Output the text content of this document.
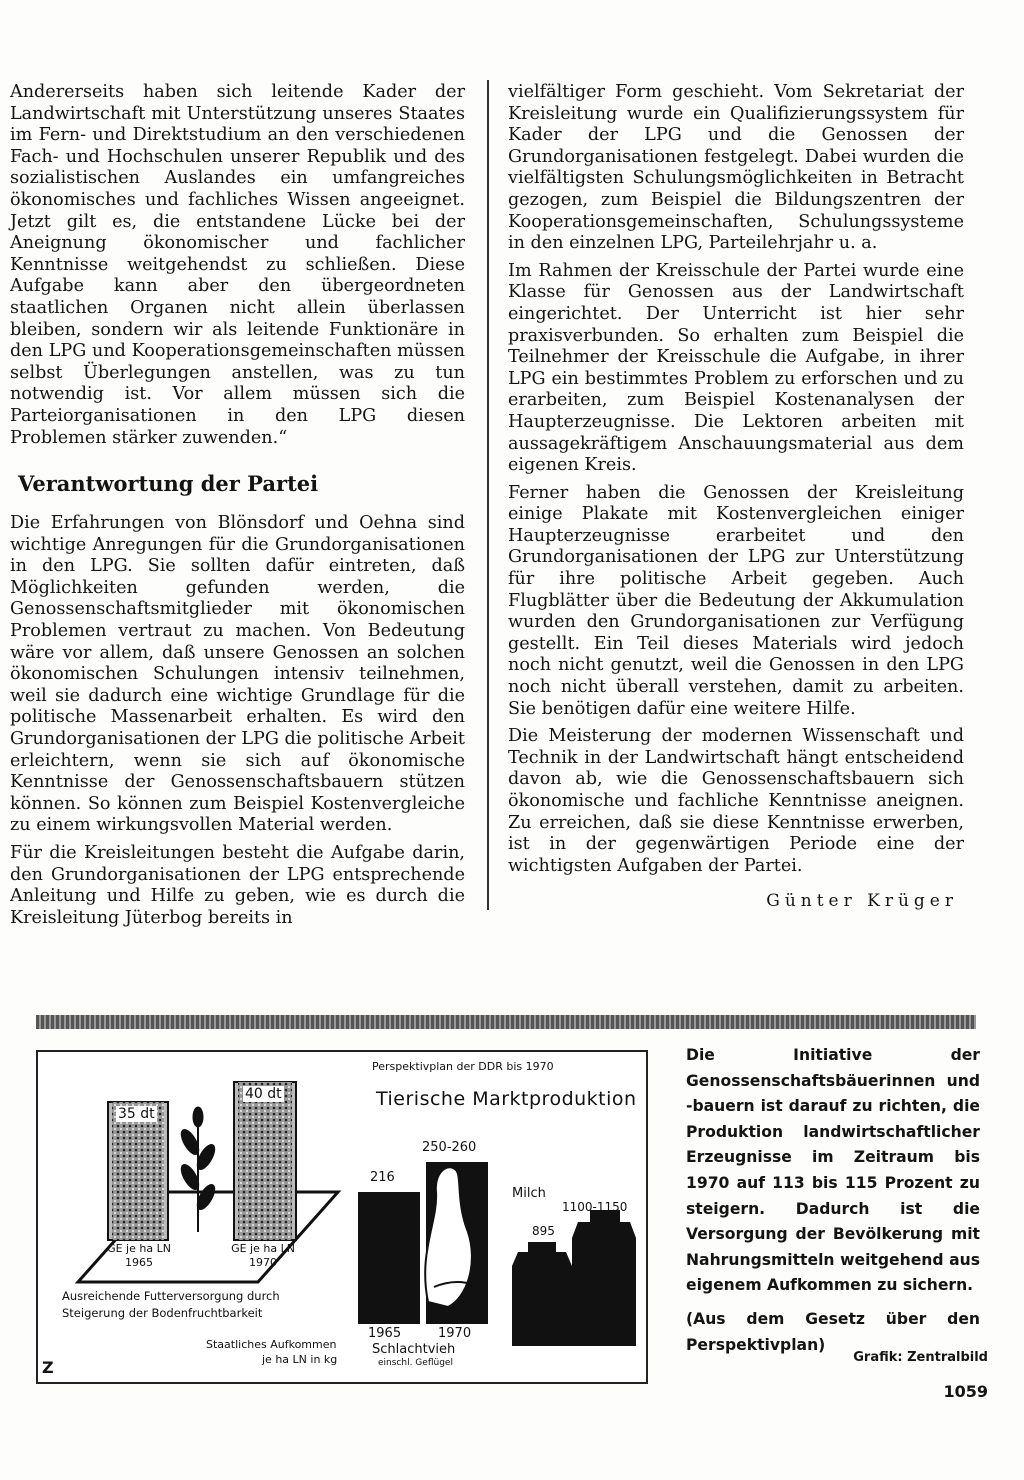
Andererseits haben sich leitende Kader der Landwirtschaft mit Unterstützung unseres Staates im Fern- und Direktstudium an den verschiedenen Fach- und Hochschulen unserer Republik und des sozialistischen Auslandes ein umfangreiches ökonomisches und fachliches Wissen angeeignet. Jetzt gilt es, die entstandene Lücke bei der Aneignung ökonomischer und fachlicher Kenntnisse weitgehendst zu schließen. Diese Aufgabe kann aber den übergeordneten staatlichen Organen nicht allein überlassen bleiben, sondern wir als leitende Funktionäre in den LPG und Kooperationsgemeinschaften müssen selbst Überlegungen anstellen, was zu tun notwendig ist. Vor allem müssen sich die Parteiorganisationen in den LPG diesen Problemen stärker zuwenden.“

Verantwortung der Partei

Die Erfahrungen von Blönsdorf und Oehna sind wichtige Anregungen für die Grundorganisationen in den LPG. Sie sollten dafür eintreten, daß Möglichkeiten gefunden werden, die Genossenschaftsmitglieder mit ökonomischen Problemen vertraut zu machen. Von Bedeutung wäre vor allem, daß unsere Genossen an solchen ökonomischen Schulungen intensiv teilnehmen, weil sie dadurch eine wichtige Grundlage für die politische Massenarbeit erhalten. Es wird den Grundorganisationen der LPG die politische Arbeit erleichtern, wenn sie sich auf ökonomische Kenntnisse der Genossenschaftsbauern stützen können. So können zum Beispiel Kostenvergleiche zu einem wirkungsvollen Material werden.

Für die Kreisleitungen besteht die Aufgabe darin, den Grundorganisationen der LPG entsprechende Anleitung und Hilfe zu geben, wie es durch die Kreisleitung Jüterbog bereits in

vielfältiger Form geschieht. Vom Sekretariat der Kreisleitung wurde ein Qualifizierungssystem für Kader der LPG und die Genossen der Grundorganisationen festgelegt. Dabei wurden die vielfältigsten Schulungsmöglichkeiten in Betracht gezogen, zum Beispiel die Bildungszentren der Kooperationsgemeinschaften, Schulungssysteme in den einzelnen LPG, Parteilehrjahr u. a.

Im Rahmen der Kreisschule der Partei wurde eine Klasse für Genossen aus der Landwirtschaft eingerichtet. Der Unterricht ist hier sehr praxisverbunden. So erhalten zum Beispiel die Teilnehmer der Kreisschule die Aufgabe, in ihrer LPG ein bestimmtes Problem zu erforschen und zu erarbeiten, zum Beispiel Kostenanalysen der Haupterzeugnisse. Die Lektoren arbeiten mit aussagekräftigem Anschauungsmaterial aus dem eigenen Kreis.

Ferner haben die Genossen der Kreisleitung einige Plakate mit Kostenvergleichen einiger Haupterzeugnisse erarbeitet und den Grundorganisationen der LPG zur Unterstützung für ihre politische Arbeit gegeben. Auch Flugblätter über die Bedeutung der Akkumulation wurden den Grundorganisationen zur Verfügung gestellt. Ein Teil dieses Materials wird jedoch noch nicht genutzt, weil die Genossen in den LPG noch nicht überall verstehen, damit zu arbeiten. Sie benötigen dafür eine weitere Hilfe.

Die Meisterung der modernen Wissenschaft und Technik in der Landwirtschaft hängt entscheidend davon ab, wie die Genossenschaftsbauern sich ökonomische und fachliche Kenntnisse aneignen. Zu erreichen, daß sie diese Kenntnisse erwerben, ist in der gegenwärtigen Periode eine der wichtigsten Aufgaben der Partei.

Günter Krüger
Perspektivplan der DDR bis 1970
Tierische Marktproduktion
35 dt
40 dt
GE je ha LN
1965
GE je ha LN
1970
Ausreichende Futterversorgung durch
Steigerung der Bodenfruchtbarkeit
Staatliches Aufkommen
je ha LN in kg
216
250-260
1965	1970
Schlachtvieh
einschl. Geflügel
Milch
895
1100-1150
1965 1970
Z

Die Initiative der Genossenschaftsbäuerinnen und -bauern ist darauf zu richten, die Produktion landwirtschaftlicher Erzeugnisse im Zeitraum bis 1970 auf 113 bis 115 Prozent zu steigern. Dadurch ist die Versorgung der Bevölkerung mit Nahrungsmitteln weitgehend aus eigenem Aufkommen zu sichern.

(Aus dem Gesetz über den Perspektivplan)

Grafik: Zentralbild
1059
